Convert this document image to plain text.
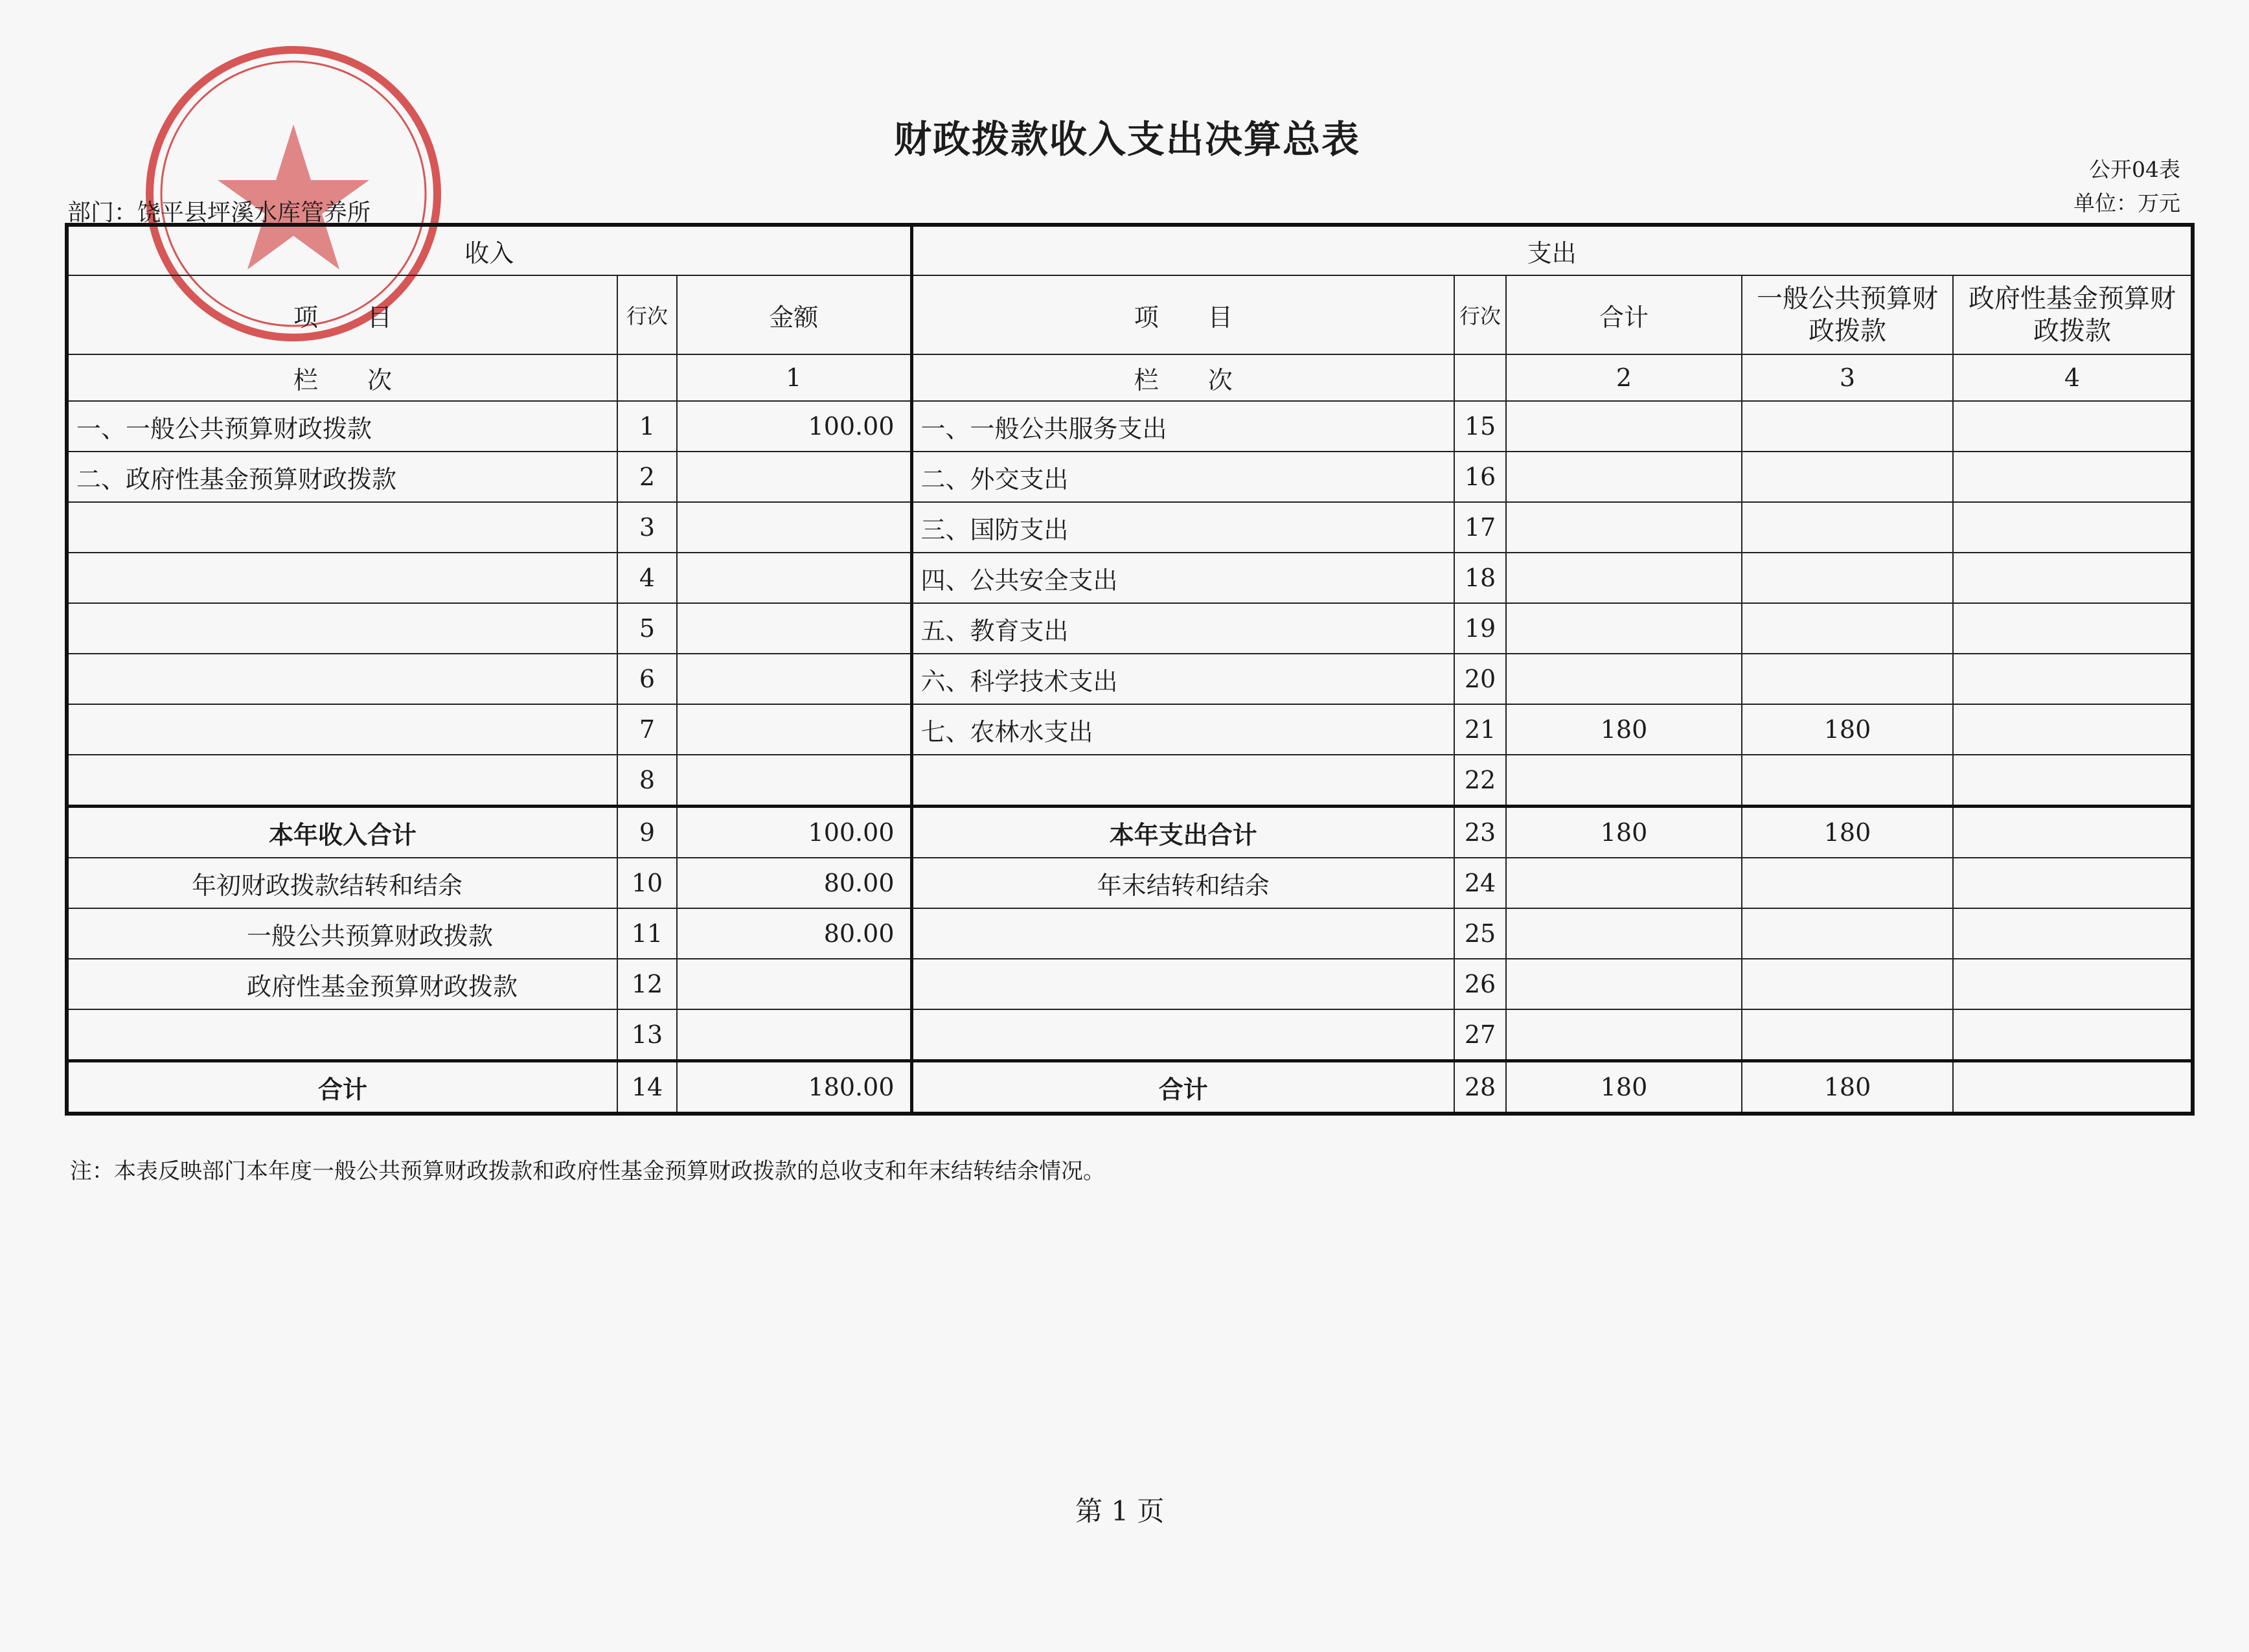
财政拨款收入支出决算总表
公开04表
单位：万元
部门：饶平县坪溪水库管养所
收入			支出				
项　　目	行次	金额	项　　目	行次	合计	一般公共预算财政拨款	政府性基金预算财政拨款
栏　　次		1	栏　　次		2	3	4
一、一般公共预算财政拨款	1	100.00	一、一般公共服务支出	15			
二、政府性基金预算财政拨款	2		二、外交支出	16			
	3		三、国防支出	17			
	4		四、公共安全支出	18			
	5		五、教育支出	19			
	6		六、科学技术支出	20			
	7		七、农林水支出	21	180	180	
	8			22			
本年收入合计	9	100.00	本年支出合计	23	180	180	
年初财政拨款结转和结余	10	80.00	年末结转和结余	24			
一般公共预算财政拨款	11	80.00		25			
政府性基金预算财政拨款	12			26			
	13			27			
合计	14	180.00	合计	28	180	180	
注：本表反映部门本年度一般公共预算财政拨款和政府性基金预算财政拨款的总收支和年末结转结余情况。
第 1 页
